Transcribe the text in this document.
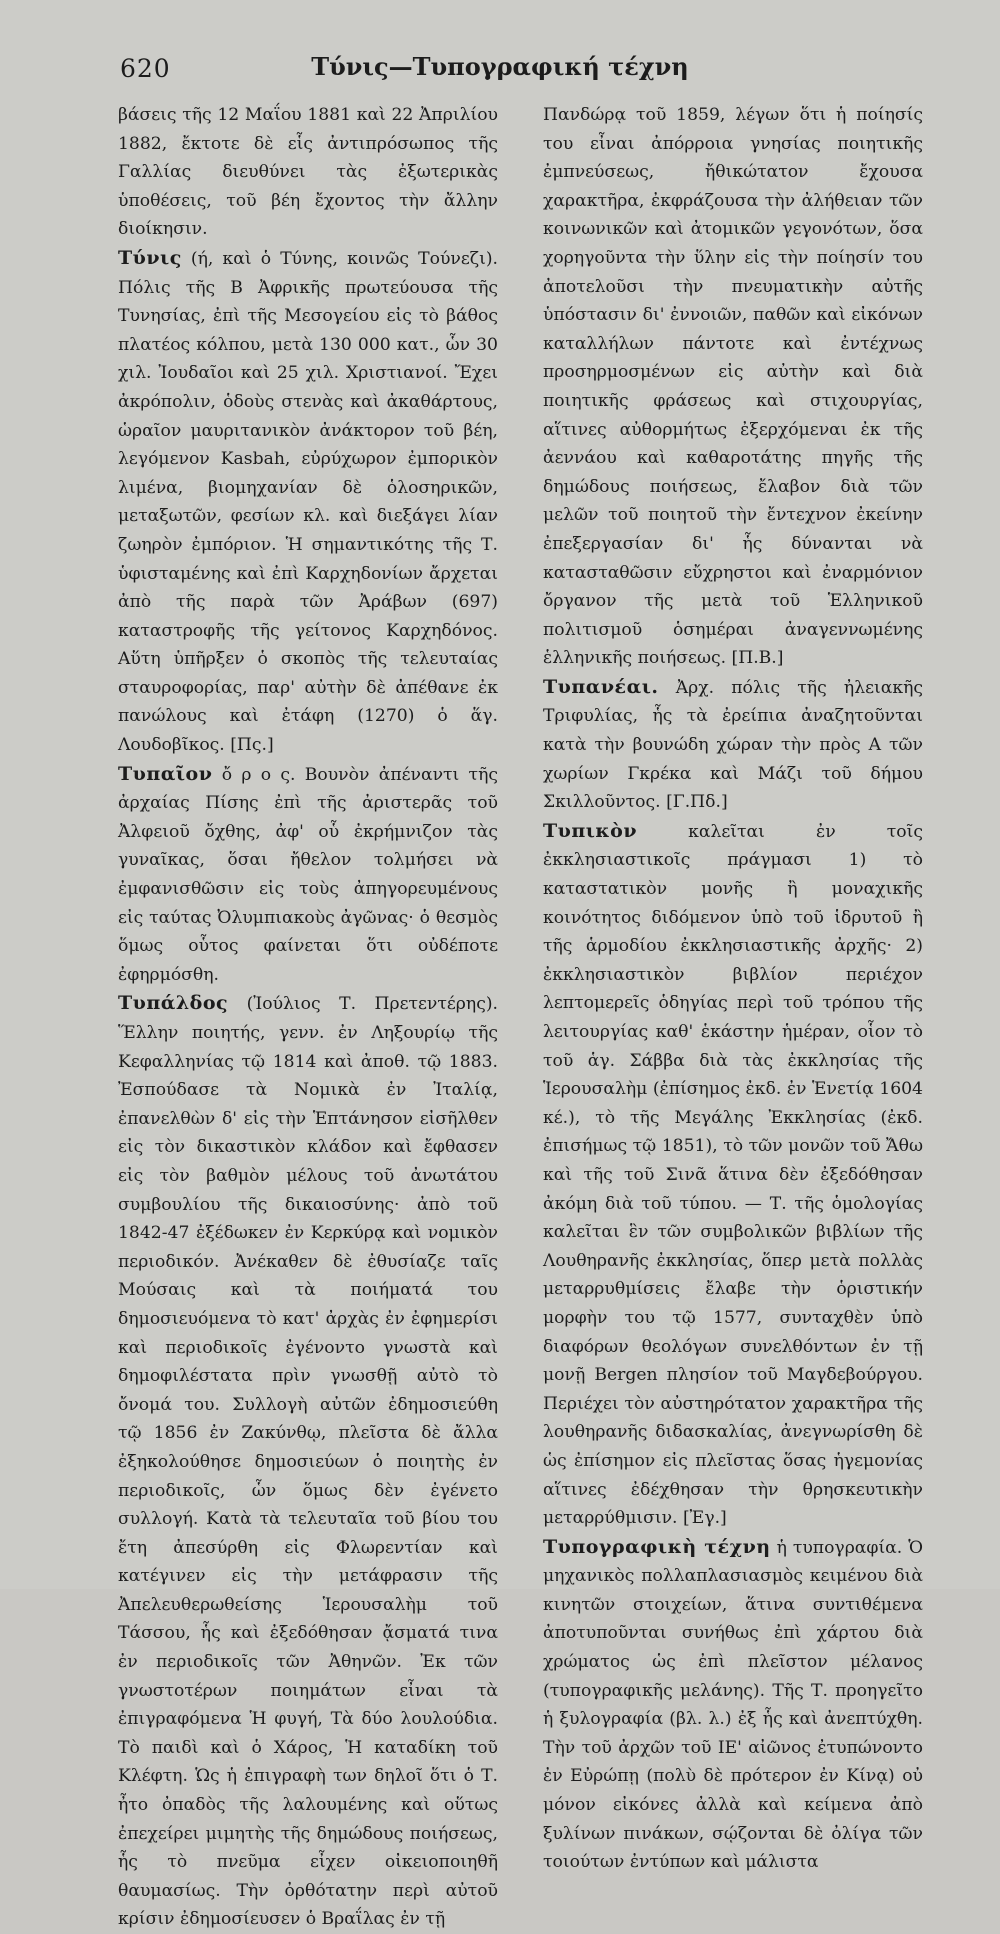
620	Τύνις—Τυπογραφική τέχνη

βάσεις τῆς 12 Μαΐου 1881 καὶ 22 Ἀπριλίου 1882, ἔκτοτε δὲ εἷς ἀντιπρόσωπος τῆς Γαλλίας διευθύνει τὰς ἐξωτερικὰς ὑποθέσεις, τοῦ βέη ἔχοντος τὴν ἄλλην διοίκησιν.

Τύνις (ή, καὶ ὁ Τύνης, κοινῶς Τούνεζι). Πόλις τῆς Β Ἀφρικῆς πρωτεύουσα τῆς Τυνησίας, ἐπὶ τῆς Μεσογείου εἰς τὸ βάθος πλατέος κόλπου, μετὰ 130 000 κατ., ὧν 30 χιλ. Ἰουδαῖοι καὶ 25 χιλ. Χριστιανοί. Ἔχει ἀκρόπολιν, ὁδοὺς στενὰς καὶ ἀκαθάρτους, ὡραῖον μαυριτανικὸν ἀνάκτορον τοῦ βέη, λεγόμενον Kasbah, εὐρύχωρον ἐμπορικὸν λιμένα, βιομηχανίαν δὲ ὁλοσηρικῶν, μεταξωτῶν, φεσίων κλ. καὶ διεξάγει λίαν ζωηρὸν ἐμπόριον. Ἡ σημαντικότης τῆς Τ. ὑφισταμένης καὶ ἐπὶ Καρχηδονίων ἄρχεται ἀπὸ τῆς παρὰ τῶν Ἀράβων (697) καταστροφῆς τῆς γείτονος Καρχηδόνος. Αὕτη ὑπῆρξεν ὁ σκοπὸς τῆς τελευταίας σταυροφορίας, παρ' αὐτὴν δὲ ἀπέθανε ἐκ πανώλους καὶ ἐτάφη (1270) ὁ ἅγ. Λουδοβῖκος. [Πς.]

Τυπαῖον ὄ ρ ο ς. Βουνὸν ἀπέναντι τῆς ἀρχαίας Πίσης ἐπὶ τῆς ἀριστερᾶς τοῦ Ἀλφειοῦ ὄχθης, ἀφ' οὗ ἐκρήμνιζον τὰς γυναῖκας, ὅσαι ἤθελον τολμήσει νὰ ἐμφανισθῶσιν εἰς τοὺς ἀπηγορευμένους εἰς ταύτας Ὀλυμπιακοὺς ἀγῶνας· ὁ θεσμὸς ὅμως οὗτος φαίνεται ὅτι οὐδέποτε ἐφηρμόσθη.

Τυπάλδος (Ἰούλιος Τ. Πρετεντέρης). Ἕλλην ποιητής, γενν. ἐν Ληξουρίῳ τῆς Κεφαλληνίας τῷ 1814 καὶ ἀποθ. τῷ 1883. Ἐσπούδασε τὰ Νομικὰ ἐν Ἰταλίᾳ, ἐπανελθὼν δ' εἰς τὴν Ἑπτάνησον εἰσῆλθεν εἰς τὸν δικαστικὸν κλάδον καὶ ἔφθασεν εἰς τὸν βαθμὸν μέλους τοῦ ἀνωτάτου συμβουλίου τῆς δικαιοσύνης· ἀπὸ τοῦ 1842-47 ἐξέδωκεν ἐν Κερκύρᾳ καὶ νομικὸν περιοδικόν. Ἀνέκαθεν δὲ ἐθυσίαζε ταῖς Μούσαις καὶ τὰ ποιήματά του δημοσιευόμενα τὸ κατ' ἀρχὰς ἐν ἐφημερίσι καὶ περιοδικοῖς ἐγένοντο γνωστὰ καὶ δημοφιλέστατα πρὶν γνωσθῇ αὐτὸ τὸ ὄνομά του. Συλλογὴ αὐτῶν ἐδημοσιεύθη τῷ 1856 ἐν Ζακύνθῳ, πλεῖστα δὲ ἄλλα ἐξηκολούθησε δημοσιεύων ὁ ποιητὴς ἐν περιοδικοῖς, ὧν ὅμως δὲν ἐγένετο συλλογή. Κατὰ τὰ τελευταῖα τοῦ βίου του ἔτη ἀπεσύρθη εἰς Φλωρεντίαν καὶ κατέγινεν εἰς τὴν μετάφρασιν τῆς Ἀπελευθερωθείσης Ἱερουσαλὴμ τοῦ Τάσσου, ἧς καὶ ἐξεδόθησαν ᾄσματά τινα ἐν περιοδικοῖς τῶν Ἀθηνῶν. Ἐκ τῶν γνωστοτέρων ποιημάτων εἶναι τὰ ἐπιγραφόμενα Ἡ φυγή, Τὰ δύο λουλούδια. Τὸ παιδὶ καὶ ὁ Χάρος, Ἡ καταδίκη τοῦ Κλέφτη. Ὡς ἡ ἐπιγραφὴ των δηλοῖ ὅτι ὁ Τ. ἦτο ὀπαδὸς τῆς λαλουμένης καὶ οὕτως ἐπεχείρει μιμητὴς τῆς δημώδους ποιήσεως, ἧς τὸ πνεῦμα εἶχεν οἰκειοποιηθῆ θαυμασίως. Τὴν ὀρθότατην περὶ αὐτοῦ κρίσιν ἐδημοσίευσεν ὁ Βραΐλας ἐν τῇ

Πανδώρᾳ τοῦ 1859, λέγων ὅτι ἡ ποίησίς του εἶναι ἀπόρροια γνησίας ποιητικῆς ἐμπνεύσεως, ἤθικώτατον ἔχουσα χαρακτῆρα, ἐκφράζουσα τὴν ἀλήθειαν τῶν κοινωνικῶν καὶ ἀτομικῶν γεγονότων, ὅσα χορηγοῦντα τὴν ὕλην εἰς τὴν ποίησίν του ἀποτελοῦσι τὴν πνευματικὴν αὐτῆς ὑπόστασιν δι' ἐννοιῶν, παθῶν καὶ εἰκόνων καταλλήλων πάντοτε καὶ ἐντέχνως προσηρμοσμένων εἰς αὐτὴν καὶ διὰ ποιητικῆς φράσεως καὶ στιχουργίας, αἵτινες αὐθορμήτως ἐξερχόμεναι ἐκ τῆς ἀεννάου καὶ καθαροτάτης πηγῆς τῆς δημώδους ποιήσεως, ἔλαβον διὰ τῶν μελῶν τοῦ ποιητοῦ τὴν ἔντεχνον ἐκείνην ἐπεξεργασίαν δι' ἧς δύνανται νὰ κατασταθῶσιν εὔχρηστοι καὶ ἐναρμόνιον ὄργανον τῆς μετὰ τοῦ Ἑλληνικοῦ πολιτισμοῦ ὁσημέραι ἀναγεννωμένης ἑλληνικῆς ποιήσεως. [Π.Β.]

Τυπανέαι. Ἀρχ. πόλις τῆς ἠλειακῆς Τριφυλίας, ἧς τὰ ἐρείπια ἀναζητοῦνται κατὰ τὴν βουνώδη χώραν τὴν πρὸς Α τῶν χωρίων Γκρέκα καὶ Μάζι τοῦ δήμου Σκιλλοῦντος. [Γ.Πδ.]

Τυπικὸν	καλεῖται ἐν τοῖς ἐκκλησιαστικοῖς πράγμασι 1) τὸ καταστατικὸν μονῆς ἢ μοναχικῆς κοινότητος διδόμενον ὑπὸ τοῦ ἱδρυτοῦ ἢ τῆς ἁρμοδίου ἐκκλησιαστικῆς ἀρχῆς· 2) ἐκκλησιαστικὸν βιβλίον περιέχον λεπτομερεῖς ὁδηγίας περὶ τοῦ τρόπου τῆς λειτουργίας καθ' ἑκάστην ἡμέραν, οἷον τὸ τοῦ ἁγ. Σάββα διὰ τὰς ἐκκλησίας τῆς Ἱερουσαλὴμ (ἐπίσημος ἐκδ. ἐν Ἑνετίᾳ 1604 κέ.), τὸ τῆς Μεγάλης Ἐκκλησίας (ἐκδ. ἐπισήμως τῷ 1851), τὸ τῶν μονῶν τοῦ Ἄθω καὶ τῆς τοῦ Σινᾶ ἅτινα δὲν ἐξεδόθησαν ἀκόμη διὰ τοῦ τύπου. — Τ. τῆς ὁμολογίας καλεῖται ἓν τῶν συμβολικῶν βιβλίων τῆς Λουθηρανῆς ἐκκλησίας, ὅπερ μετὰ πολλὰς μεταρρυθμίσεις ἔλαβε τὴν ὁριστικήν μορφὴν του τῷ 1577, συνταχθὲν ὑπὸ διαφόρων θεολόγων συνελθόντων ἐν τῇ μονῇ Bergen πλησίον τοῦ Μαγδεβούργου. Περιέχει τὸν αὐστηρότατον χαρακτῆρα τῆς λουθηρανῆς διδασκαλίας, ἀνεγνωρίσθη δὲ ὡς ἐπίσημον εἰς πλεῖστας ὅσας ἡγεμονίας αἵτινες ἐδέχθησαν τὴν θρησκευτικὴν μεταρρύθμισιν. [Ἐγ.]

Τυπογραφικὴ τέχνη ἡ τυπογραφία. Ὁ μηχανικὸς πολλαπλασιασμὸς κειμένου διὰ κινητῶν στοιχείων, ἅτινα συντιθέμενα ἀποτυποῦνται συνήθως ἐπὶ χάρτου διὰ χρώματος ὡς ἐπὶ πλεῖστον μέλανος (τυπογραφικῆς μελάνης). Τῆς Τ. προηγεῖτο ἡ ξυλογραφία (βλ. λ.) ἐξ ἧς καὶ ἀνεπτύχθη. Τὴν τοῦ ἀρχῶν τοῦ ΙΕ' αἰῶνος ἐτυπώνοντο ἐν Εὐρώπῃ (πολὺ δὲ πρότερον ἐν Κίνᾳ) οὐ μόνον εἰκόνες ἀλλὰ καὶ κείμενα ἀπὸ ξυλίνων πινάκων, σῴζονται δὲ ὀλίγα τῶν τοιούτων ἐντύπων καὶ μάλιστα
